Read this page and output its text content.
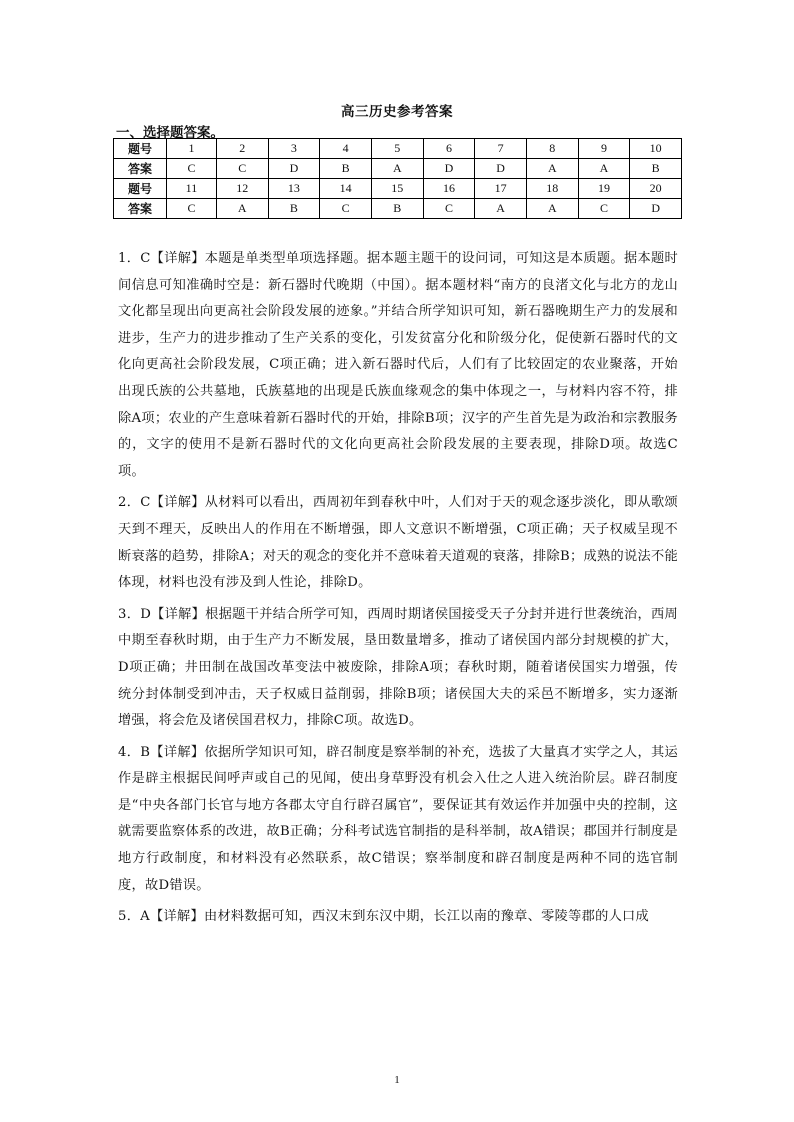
高三历史参考答案
一、选择题答案。
题号	1	2	3	4	5	6	7	8	9	10
答案	C	C	D	B	A	D	D	A	A	B
题号	11	12	13	14	15	16	17	18	19	20
答案	C	A	B	C	B	C	A	A	C	D

1．C【详解】本题是单类型单项选择题。据本题主题干的设问词，可知这是本质题。据本题时间信息可知准确时空是：新石器时代晚期（中国）。据本题材料“南方的良渚文化与北方的龙山文化都呈现出向更高社会阶段发展的迹象。”并结合所学知识可知，新石器晚期生产力的发展和进步，生产力的进步推动了生产关系的变化，引发贫富分化和阶级分化，促使新石器时代的文化向更高社会阶段发展，C项正确；进入新石器时代后，人们有了比较固定的农业聚落，开始出现氏族的公共墓地，氏族墓地的出现是氏族血缘观念的集中体现之一，与材料内容不符，排除A项；农业的产生意味着新石器时代的开始，排除B项；汉字的产生首先是为政治和宗教服务的，文字的使用不是新石器时代的文化向更高社会阶段发展的主要表现，排除D项。故选C项。

2．C【详解】从材料可以看出，西周初年到春秋中叶，人们对于天的观念逐步淡化，即从歌颂天到不理天，反映出人的作用在不断增强，即人文意识不断增强，C项正确；天子权威呈现不断衰落的趋势，排除A；对天的观念的变化并不意味着天道观的衰落，排除B；成熟的说法不能体现，材料也没有涉及到人性论，排除D。

3．D【详解】根据题干并结合所学可知，西周时期诸侯国接受天子分封并进行世袭统治，西周中期至春秋时期，由于生产力不断发展，垦田数量增多，推动了诸侯国内部分封规模的扩大，D项正确；井田制在战国改革变法中被废除，排除A项；春秋时期，随着诸侯国实力增强，传统分封体制受到冲击，天子权威日益削弱，排除B项；诸侯国大夫的采邑不断增多，实力逐渐增强，将会危及诸侯国君权力，排除C项。故选D。

4．B【详解】依据所学知识可知，辟召制度是察举制的补充，选拔了大量真才实学之人，其运作是辟主根据民间呼声或自己的见闻，使出身草野没有机会入仕之人进入统治阶层。辟召制度是“中央各部门长官与地方各郡太守自行辟召属官”，要保证其有效运作并加强中央的控制，这就需要监察体系的改进，故B正确；分科考试选官制指的是科举制，故A错误；郡国并行制度是地方行政制度，和材料没有必然联系，故C错误；察举制度和辟召制度是两种不同的选官制度，故D错误。

5．A【详解】由材料数据可知，西汉末到东汉中期，长江以南的豫章、零陵等郡的人口成

1
